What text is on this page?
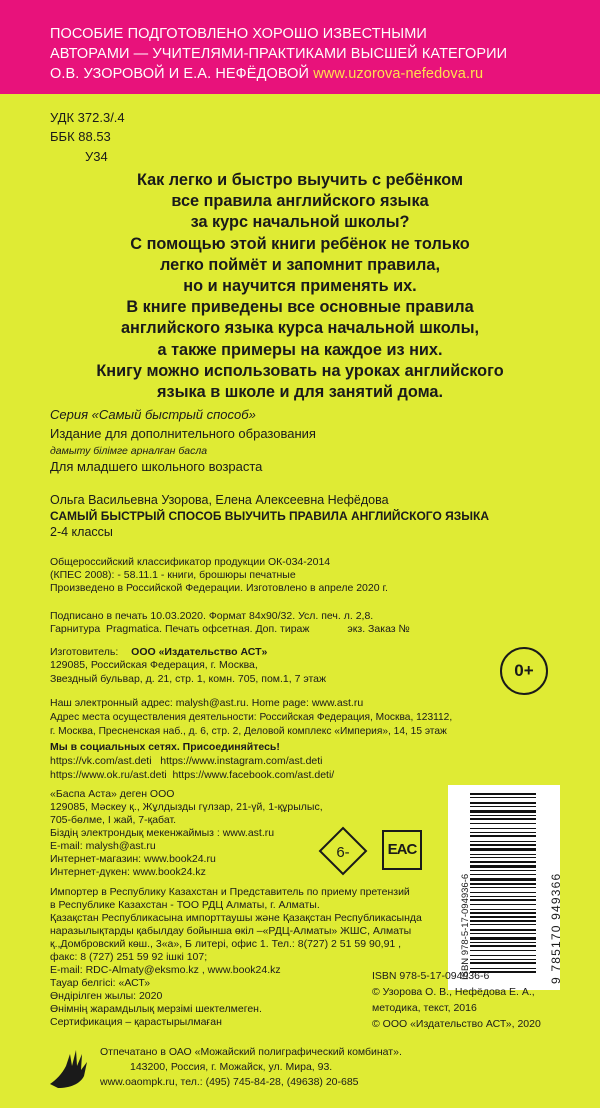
ПОСОБИЕ ПОДГОТОВЛЕНО ХОРОШО ИЗВЕСТНЫМИ
АВТОРАМИ — УЧИТЕЛЯМИ-ПРАКТИКАМИ ВЫСШЕЙ КАТЕГОРИИ
О.В. УЗОРОВОЙ И Е.А. НЕФЁДОВОЙ www.uzorova-nefedova.ru
УДК 372.3/.4
ББК 88.53
У34
Как легко и быстро выучить с ребёнком
все правила английского языка
за курс начальной школы?
С помощью этой книги ребёнок не только
легко поймёт и запомнит правила,
но и научится применять их.
В книге приведены все основные правила
английского языка курса начальной школы,
а также примеры на каждое из них.
Книгу можно использовать на уроках английского
языка в школе и для занятий дома.
Серия «Самый быстрый способ»
Издание для дополнительного образования
дамыту білімге арналған басла
Для младшего школьного возраста
Ольга Васильевна Узорова, Елена Алексеевна Нефёдова
САМЫЙ БЫСТРЫЙ СПОСОБ ВЫУЧИТЬ ПРАВИЛА АНГЛИЙСКОГО ЯЗЫКА
2-4 классы
Общероссийский классификатор продукции ОК-034-2014
(КПЕС 2008): - 58.11.1 - книги, брошюры печатные
Произведено в Российской Федерации. Изготовлено в апреле 2020 г.
Подписано в печать 10.03.2020. Формат 84х90/32. Усл. печ. л. 2,8.
Гарнитура  Pragmatica. Печать офсетная. Доп. тираж             экз. Заказ №
Изготовитель: ООО «Издательство АСТ»
129085, Российская Федерация, г. Москва,
Звездный бульвар, д. 21, стр. 1, комн. 705, пом.1, 7 этаж	0+
Наш электронный адрес: malysh@ast.ru. Home page: www.ast.ru
Адрес места осуществления деятельности: Российская Федерация, Москва, 123112,
г. Москва, Пресненская наб., д. 6, стр. 2, Деловой комплекс «Империя», 14, 15 этаж
Мы в социальных сетях. Присоединяйтесь!
https://vk.com/ast.deti   https://www.instagram.com/ast.deti
https://www.ok.ru/ast.deti  https://www.facebook.com/ast.deti/
«Баспа Аста» деген ООО
129085, Мәскеу қ., Жұлдызды гүлзар, 21-үй, 1-құрылыс,
705-бөлме, I жай, 7-қабат.
Біздің электрондық мекенжаймыз : www.ast.ru
E-mail: malysh@ast.ru
Интернет-магазин: www.book24.ru
Интернет-дүкен: www.book24.kz
6-	EAC
ISBN 978-5-17-094936-6	9 785170 949366
Импортер в Республику Казахстан и Представитель по приему претензий
в Республике Казахстан - ТОО РДЦ Алматы, г. Алматы.
Қазақстан Республикасына импорттаушы және Қазақстан Республикасында
наразылықтарды қабылдау бойынша өкіл –«РДЦ-Алматы» ЖШС, Алматы
қ.,Домбровский көш., 3«а», Б литері, офис 1. Тел.: 8(727) 2 51 59 90,91 ,
факс: 8 (727) 251 59 92 ішкі 107;
E-mail: RDC-Almaty@eksmo.kz , www.book24.kz
Тауар белгісі: «АСТ»
Өндірілген жылы: 2020
Өнімнің жарамдылық мерзімі шектелмеген.
Сертификация – қарастырылмаған
ISBN 978-5-17-094936-6
© Узорова О. В., Нефёдова Е. А.,
методика, текст, 2016
© ООО «Издательство АСТ», 2020
Отпечатано в ОАО «Можайский полиграфический комбинат».
143200, Россия, г. Можайск, ул. Мира, 93.
www.oaompk.ru, тел.: (495) 745-84-28, (49638) 20-685
